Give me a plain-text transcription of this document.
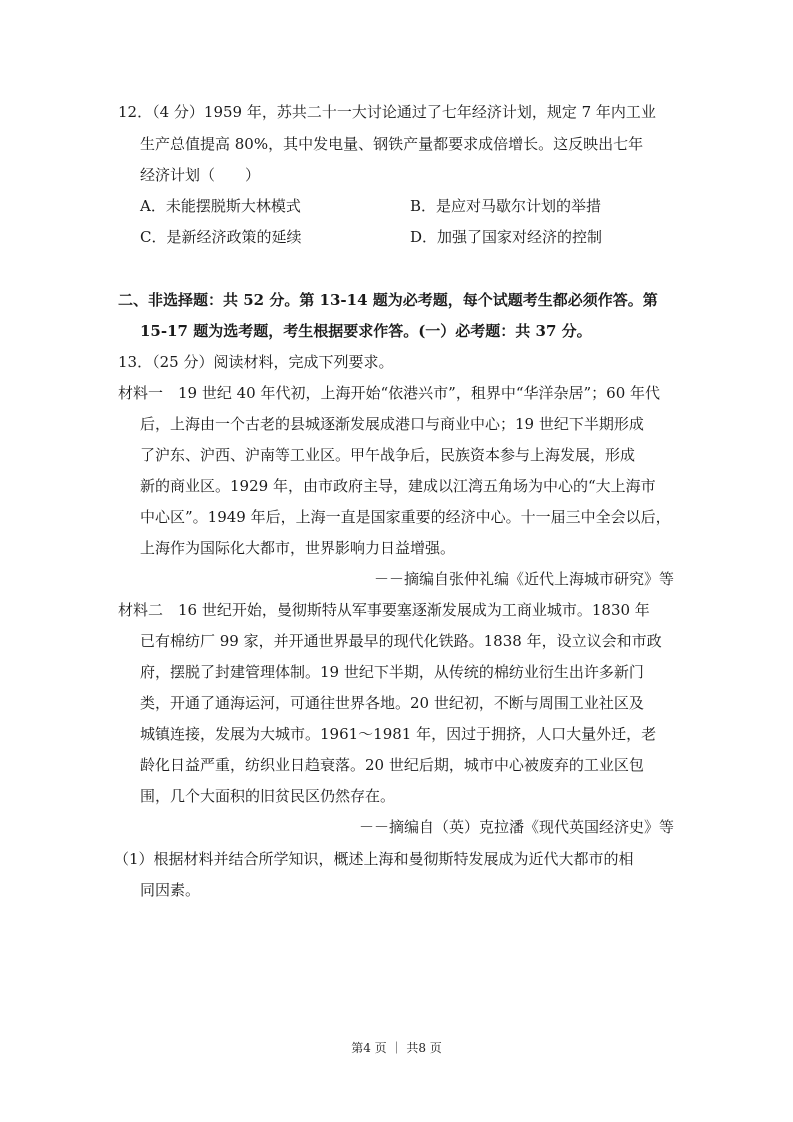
12．（4 分）1959 年，苏共二十一大讨论通过了七年经济计划，规定 7 年内工业
生产总值提高 80%，其中发电量、钢铁产量都要求成倍增长。这反映出七年
经济计划（　　）
A．未能摆脱斯大林模式	B．是应对马歇尔计划的举措
C．是新经济政策的延续	D．加强了国家对经济的控制
二、非选择题：共 52 分。第 13-14 题为必考题，每个试题考生都必须作答。第
15-17 题为选考题，考生根据要求作答。(一）必考题：共 37 分。
13．（25 分）阅读材料，完成下列要求。
材料一　19 世纪 40 年代初，上海开始“依港兴市”，租界中“华洋杂居”；60 年代
后，上海由一个古老的县城逐渐发展成港口与商业中心；19 世纪下半期形成
了沪东、沪西、沪南等工业区。甲午战争后，民族资本参与上海发展，形成
新的商业区。1929 年，由市政府主导，建成以江湾五角场为中心的“大上海市
中心区”。1949 年后，上海一直是国家重要的经济中心。十一届三中全会以后，
上海作为国际化大都市，世界影响力日益增强。
－－摘编自张仲礼编《近代上海城市研究》等
材料二　16 世纪开始，曼彻斯特从军事要塞逐渐发展成为工商业城市。1830 年
已有棉纺厂 99 家，并开通世界最早的现代化铁路。1838 年，设立议会和市政
府，摆脱了封建管理体制。19 世纪下半期，从传统的棉纺业衍生出许多新门
类，开通了通海运河，可通往世界各地。20 世纪初，不断与周围工业社区及
城镇连接，发展为大城市。1961～1981 年，因过于拥挤，人口大量外迁，老
龄化日益严重，纺织业日趋衰落。20 世纪后期，城市中心被废弃的工业区包
围，几个大面积的旧贫民区仍然存在。
－－摘编自（英）克拉潘《现代英国经济史》等
（1）根据材料并结合所学知识，概述上海和曼彻斯特发展成为近代大都市的相
同因素。
第4 页 ｜ 共8 页
